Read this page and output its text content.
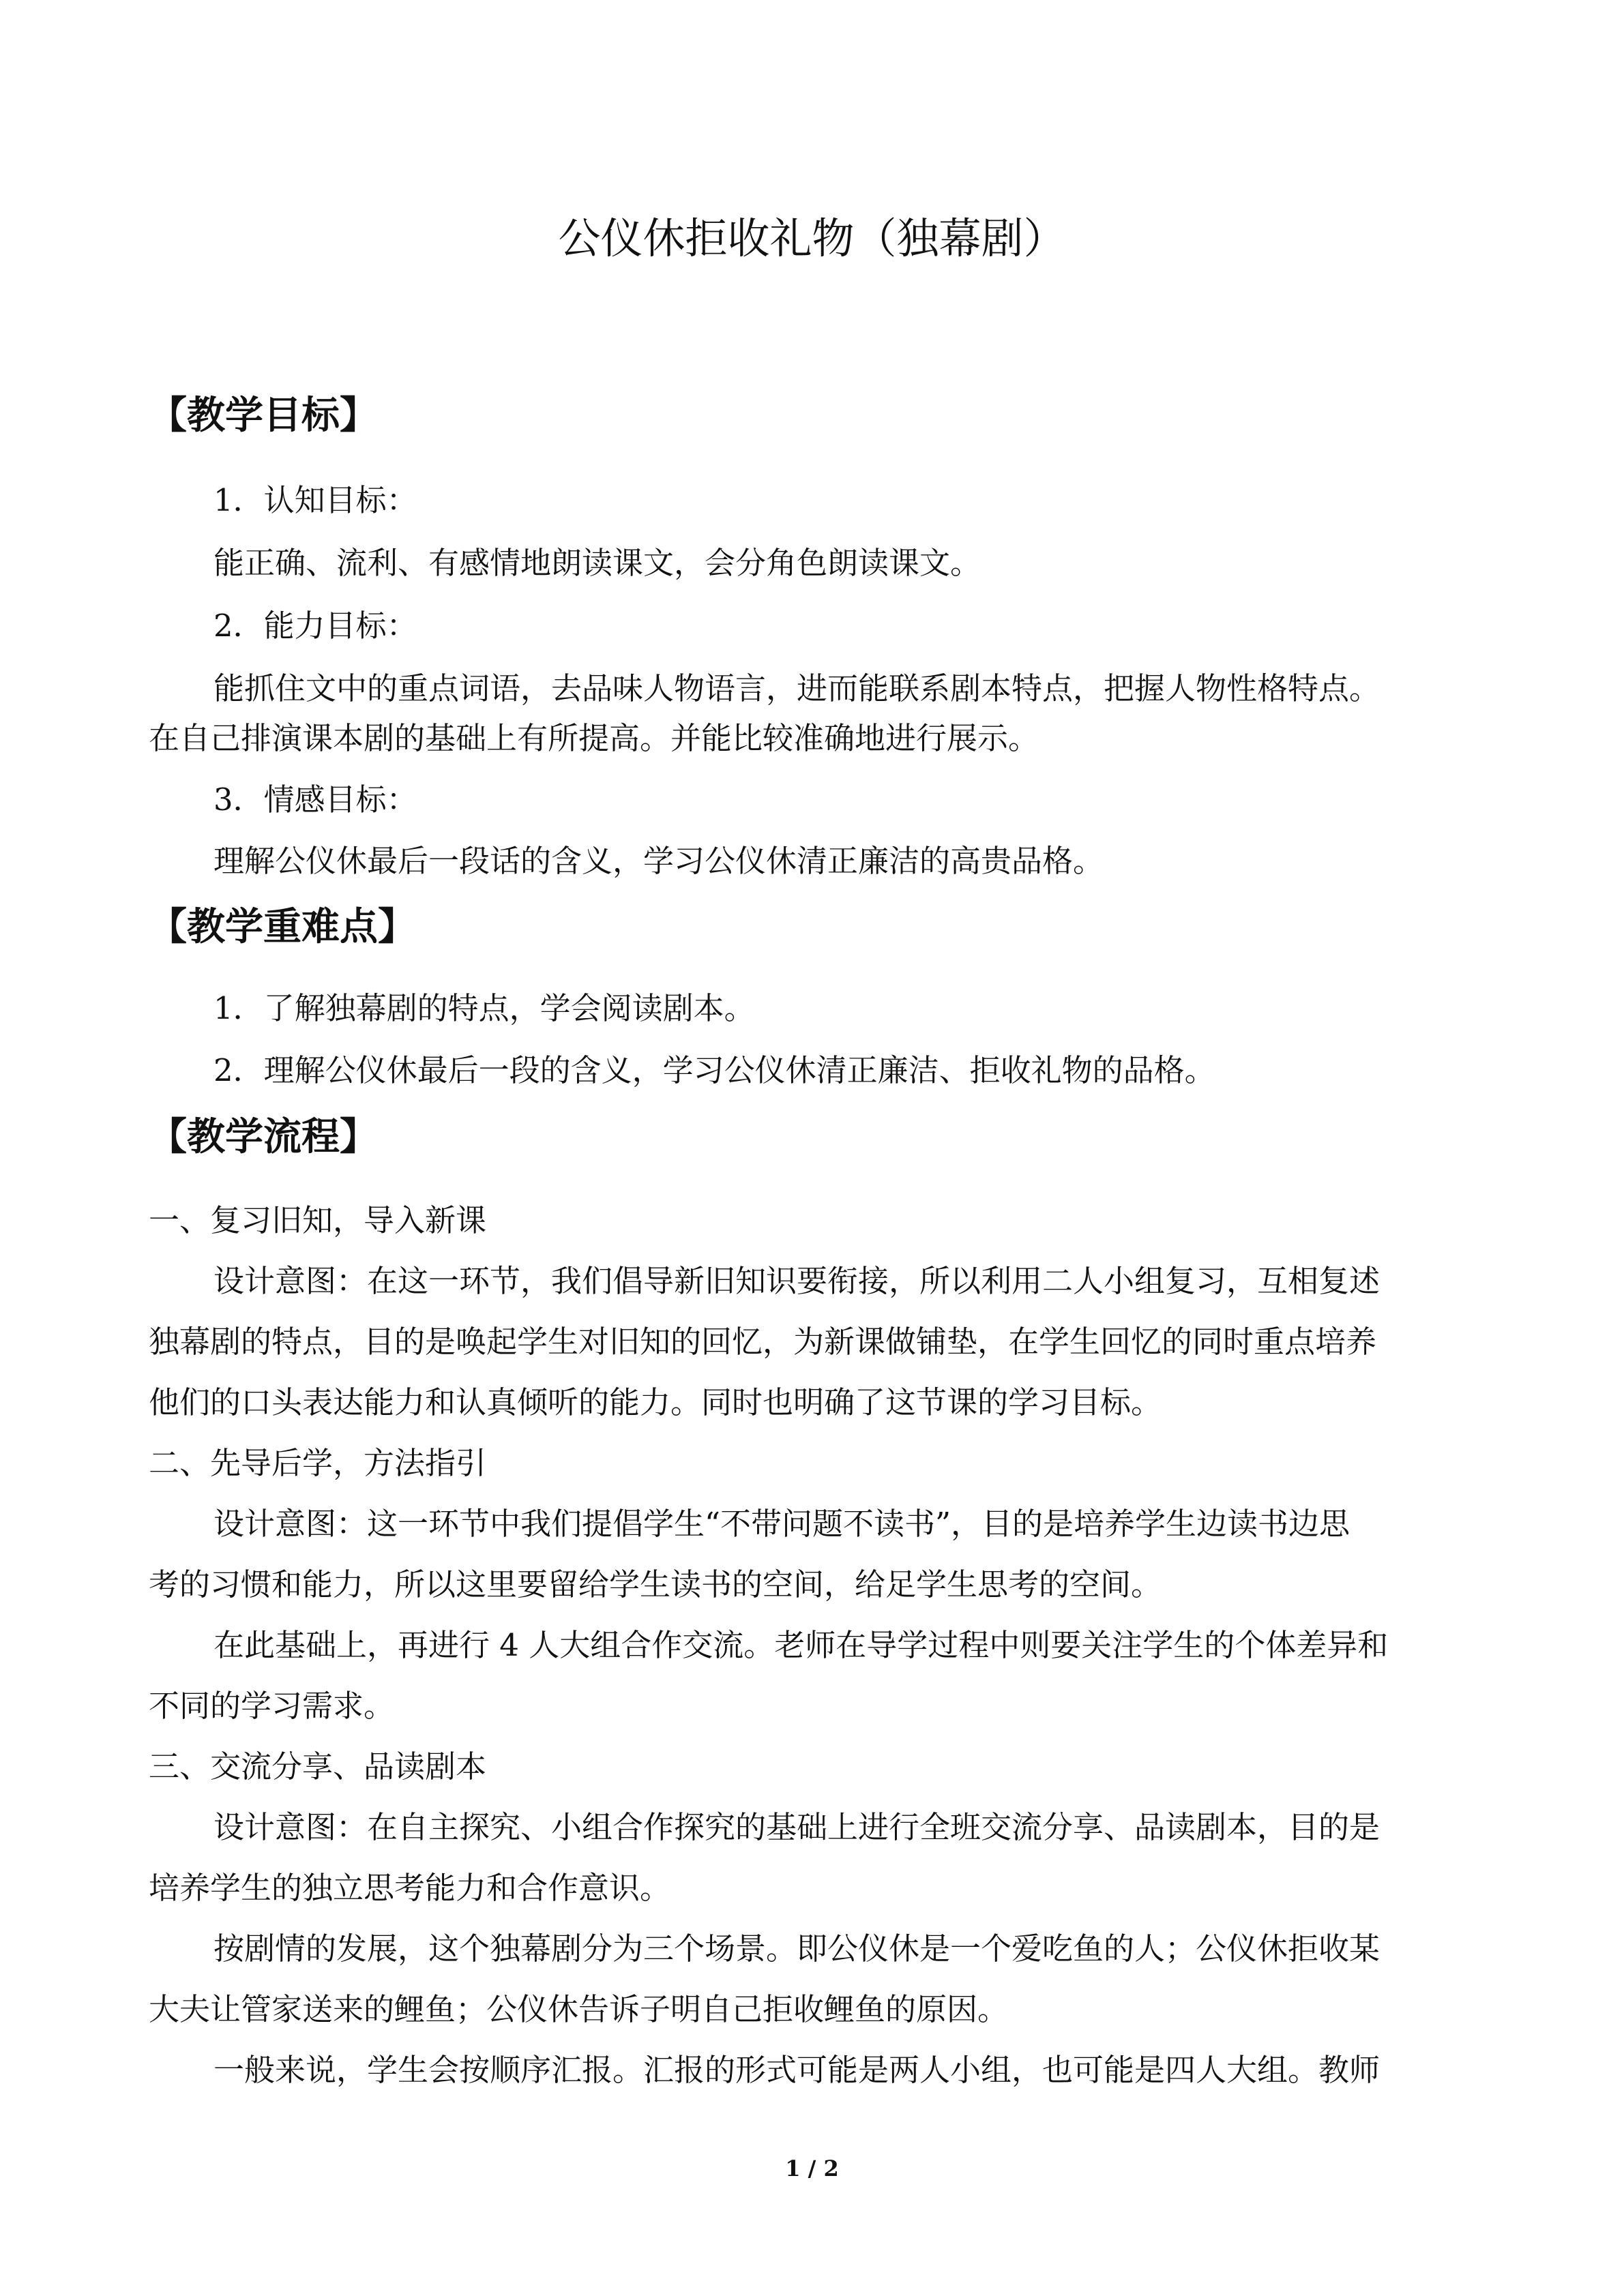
公仪休拒收礼物（独幕剧）
【教学目标】

1．认知目标：

能正确、流利、有感情地朗读课文，会分角色朗读课文。

2．能力目标：

能抓住文中的重点词语，去品味人物语言，进而能联系剧本特点，把握人物性格特点。

在自己排演课本剧的基础上有所提高。并能比较准确地进行展示。

3．情感目标：

理解公仪休最后一段话的含义，学习公仪休清正廉洁的高贵品格。

【教学重难点】

1．了解独幕剧的特点，学会阅读剧本。

2．理解公仪休最后一段的含义，学习公仪休清正廉洁、拒收礼物的品格。

【教学流程】

一、复习旧知，导入新课

设计意图：在这一环节，我们倡导新旧知识要衔接，所以利用二人小组复习，互相复述

独幕剧的特点，目的是唤起学生对旧知的回忆，为新课做铺垫，在学生回忆的同时重点培养

他们的口头表达能力和认真倾听的能力。同时也明确了这节课的学习目标。

二、先导后学，方法指引

设计意图：这一环节中我们提倡学生“不带问题不读书”，目的是培养学生边读书边思

考的习惯和能力，所以这里要留给学生读书的空间，给足学生思考的空间。

在此基础上，再进行 4 人大组合作交流。老师在导学过程中则要关注学生的个体差异和

不同的学习需求。

三、交流分享、品读剧本

设计意图：在自主探究、小组合作探究的基础上进行全班交流分享、品读剧本，目的是

培养学生的独立思考能力和合作意识。

按剧情的发展，这个独幕剧分为三个场景。即公仪休是一个爱吃鱼的人；公仪休拒收某

大夫让管家送来的鲤鱼；公仪休告诉子明自己拒收鲤鱼的原因。

一般来说，学生会按顺序汇报。汇报的形式可能是两人小组，也可能是四人大组。教师

1 / 2
